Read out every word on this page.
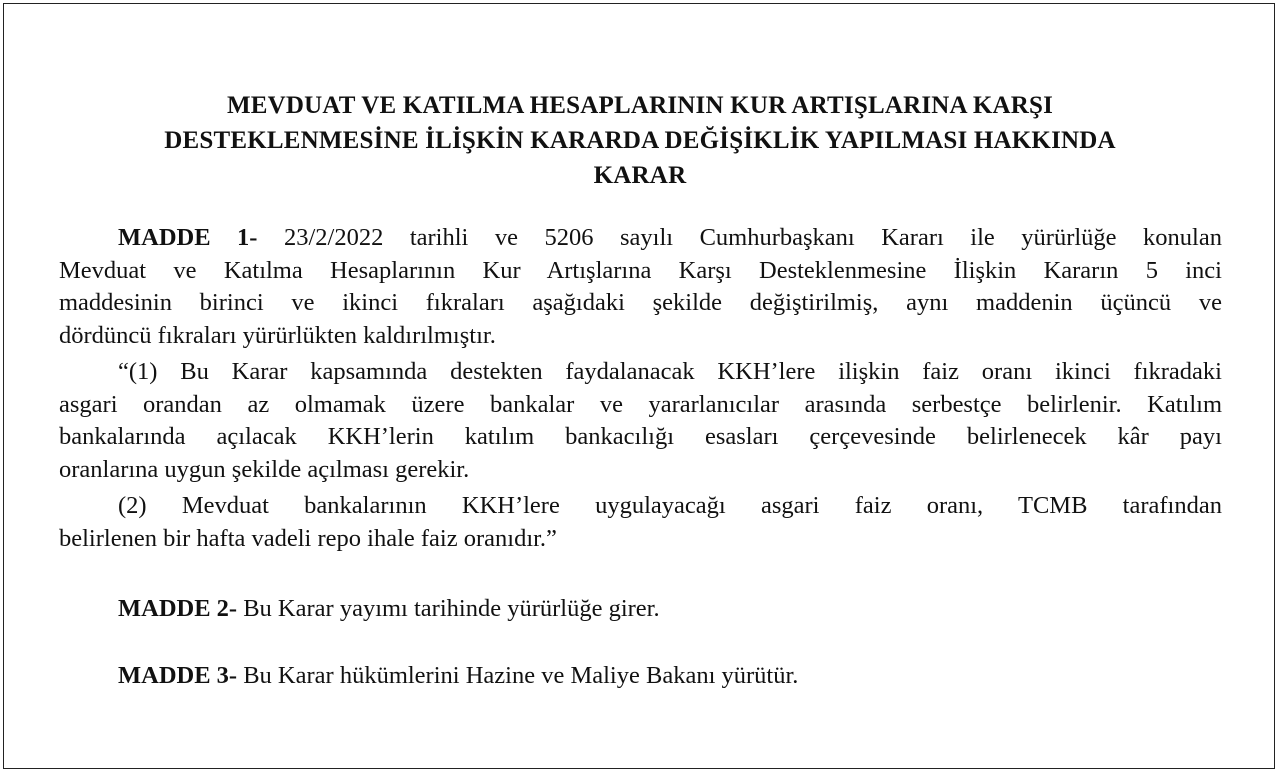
MEVDUAT VE KATILMA HESAPLARININ KUR ARTIŞLARINA KARŞI
DESTEKLENMESİNE İLİŞKİN KARARDA DEĞİŞİKLİK YAPILMASI HAKKINDA
KARAR

MADDE 1- 23/2/2022 tarihli ve 5206 sayılı Cumhurbaşkanı Kararı ile yürürlüğe konulan
Mevduat ve Katılma Hesaplarının Kur Artışlarına Karşı Desteklenmesine İlişkin Kararın 5 inci
maddesinin birinci ve ikinci fıkraları aşağıdaki şekilde değiştirilmiş, aynı maddenin üçüncü ve
dördüncü fıkraları yürürlükten kaldırılmıştır.

“(1) Bu Karar kapsamında destekten faydalanacak KKH’lere ilişkin faiz oranı ikinci fıkradaki
asgari orandan az olmamak üzere bankalar ve yararlanıcılar arasında serbestçe belirlenir. Katılım
bankalarında açılacak KKH’lerin katılım bankacılığı esasları çerçevesinde belirlenecek kâr payı
oranlarına uygun şekilde açılması gerekir.

(2) Mevduat bankalarının KKH’lere uygulayacağı asgari faiz oranı, TCMB tarafından
belirlenen bir hafta vadeli repo ihale faiz oranıdır.”

MADDE 2- Bu Karar yayımı tarihinde yürürlüğe girer.
MADDE 3- Bu Karar hükümlerini Hazine ve Maliye Bakanı yürütür.
